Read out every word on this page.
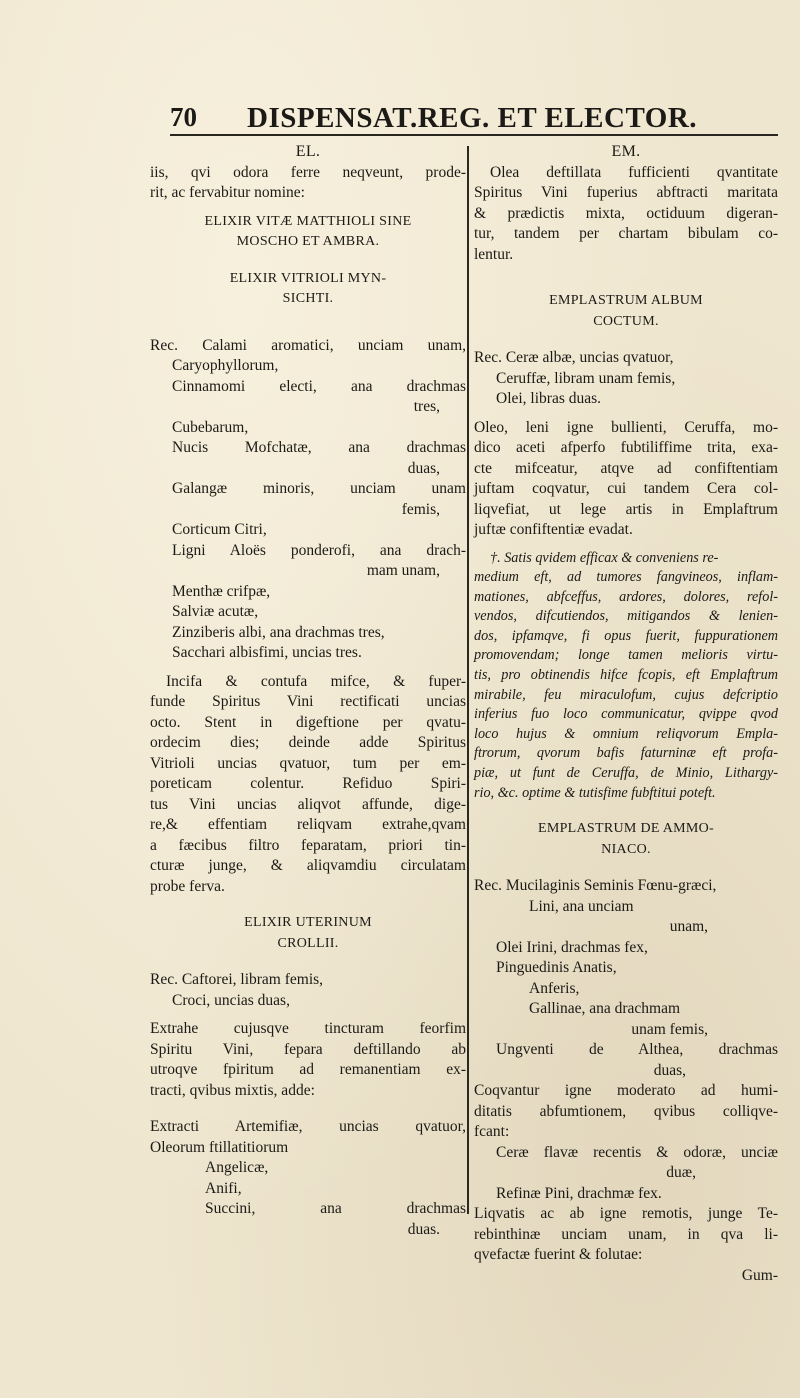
70 DISPENSAT.REG. ET ELECTOR.

EL.

iis, qvi odora ferre neqveunt, prode-

rit, ac fervabitur nomine:

ELIXIR VITÆ MATTHIOLI SINE

MOSCHO ET AMBRA.

ELIXIR VITRIOLI MYN-

SICHTI.

Rec. Calami aromatici, unciam unam,

Caryophyllorum,

Cinnamomi electi, ana drachmas

tres,

Cubebarum,

Nucis Mofchatæ, ana drachmas

duas,

Galangæ minoris, unciam unam

femis,

Corticum Citri,

Ligni Aloës ponderofi, ana drach-

mam unam,

Menthæ crifpæ,

Salviæ acutæ,

Zinziberis albi, ana drachmas tres,

Sacchari albisfimi, uncias tres.

Incifa & contufa mifce, & fuper-

funde Spiritus Vini rectificati uncias

octo. Stent in digeftione per qvatu-

ordecim dies; deinde adde Spiritus

Vitrioli uncias qvatuor, tum per em-

poreticam colentur. Refiduo Spiri-

tus Vini uncias aliqvot affunde, dige-

re,& effentiam reliqvam extrahe,qvam

a fæcibus filtro feparatam, priori tin-

cturæ junge, & aliqvamdiu circulatam

probe ferva.

ELIXIR UTERINUM

CROLLII.

Rec. Caftorei, libram femis,

Croci, uncias duas,

Extrahe cujusqve tincturam feorfim

Spiritu Vini, fepara deftillando ab

utroqve fpiritum ad remanentiam ex-

tracti, qvibus mixtis, adde:

Extracti Artemifiæ, uncias qvatuor,

Oleorum ftillatitiorum

Angelicæ,

Anifi,

Succini, ana drachmas

duas.

EM.

Olea deftillata fufficienti qvantitate

Spiritus Vini fuperius abftracti maritata

& prædictis mixta, octiduum digeran-

tur, tandem per chartam bibulam co-

lentur.

EMPLASTRUM ALBUM

COCTUM.

Rec. Ceræ albæ, uncias qvatuor,

Ceruffæ, libram unam femis,

Olei, libras duas.

Oleo, leni igne bullienti, Ceruffa, mo-

dico aceti afperfo fubtiliffime trita, exa-

cte mifceatur, atqve ad confiftentiam

juftam coqvatur, cui tandem Cera col-

liqvefiat, ut lege artis in Emplaftrum

juftæ confiftentiæ evadat.

†. Satis qvidem efficax & conveniens re-

medium eft, ad tumores fangvineos, inflam-

mationes, abfceffus, ardores, dolores, refol-

vendos, difcutiendos, mitigandos & lenien-

dos, ipfamqve, fi opus fuerit, fuppurationem

promovendam; longe tamen melioris virtu-

tis, pro obtinendis hifce fcopis, eft Emplaftrum

mirabile, feu miraculofum, cujus defcriptio

inferius fuo loco communicatur, qvippe qvod

loco hujus & omnium reliqvorum Empla-

ftrorum, qvorum bafis faturninæ eft profa-

piæ, ut funt de Ceruffa, de Minio, Lithargy-

rio, &c. optime & tutisfime fubftitui poteft.

EMPLASTRUM DE AMMO-

NIACO.

Rec. Mucilaginis Seminis Fœnu-græci,

Lini, ana unciam

unam,

Olei Irini, drachmas fex,

Pinguedinis Anatis,

Anferis,

Gallinae, ana drachmam

unam femis,

Ungventi de Althea, drachmas

duas,

Coqvantur igne moderato ad humi-

ditatis abfumtionem, qvibus colliqve-

fcant:

Ceræ flavæ recentis & odoræ, unciæ

duæ,

Refinæ Pini, drachmæ fex.

Liqvatis ac ab igne remotis, junge Te-

rebinthinæ unciam unam, in qva li-

qvefactæ fuerint & folutae:

Gum-
